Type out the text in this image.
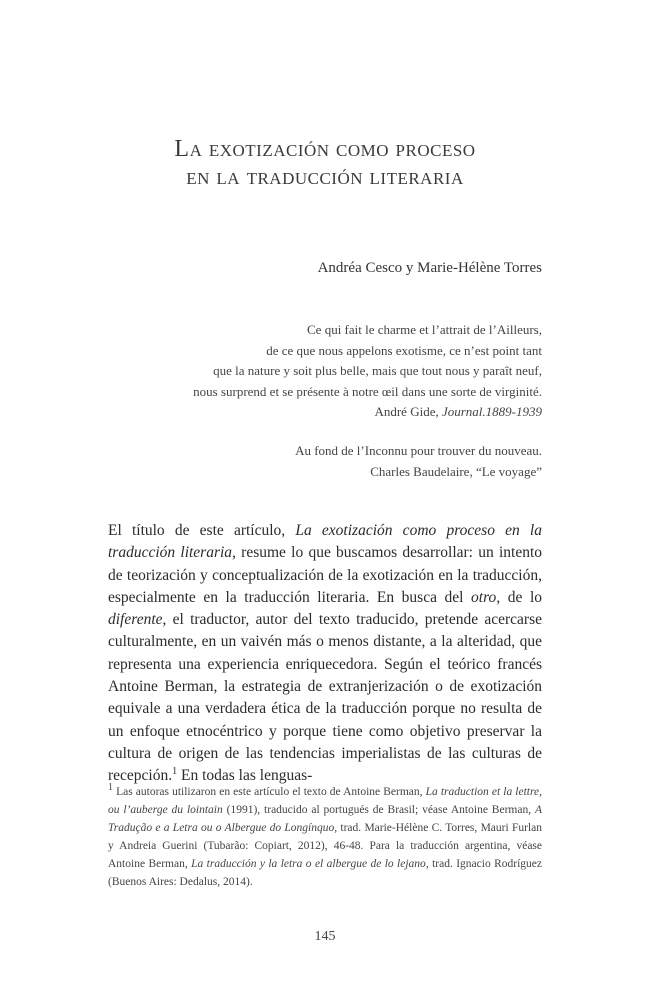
La exotización como proceso
en la traducción literaria
Andréa Cesco y Marie-Hélène Torres
Ce qui fait le charme et l’attrait de l’Ailleurs,
de ce que nous appelons exotisme, ce n’est point tant
que la nature y soit plus belle, mais que tout nous y paraît neuf,
nous surprend et se présente à notre œil dans une sorte de virginité.
André Gide, Journal.1889-1939
Au fond de l’Inconnu pour trouver du nouveau.
Charles Baudelaire, “Le voyage”

El título de este artículo, La exotización como proceso en la traducción literaria, resume lo que buscamos desarrollar: un intento de teorización y conceptualización de la exotización en la traducción, especialmente en la traducción literaria. En busca del otro, de lo diferente, el traductor, autor del texto traducido, pretende acercarse culturalmente, en un vaivén más o menos distante, a la alteridad, que representa una experiencia enriquecedora. Según el teórico francés Antoine Berman, la estrategia de extranjerización o de exotización equivale a una verdadera ética de la traducción porque no resulta de un enfoque etnocéntrico y porque tiene como objetivo preservar la cultura de origen de las tendencias imperialistas de las culturas de recepción.$^1$ En todas las lenguas-

$^1$ Las autoras utilizaron en este artículo el texto de Antoine Berman, La traduction et la lettre, ou l’auberge du lointain (1991), traducido al portugués de Brasil; véase Antoine Berman, A Tradução e a Letra ou o Albergue do Longínquo, trad. Marie-Hélène C. Torres, Mauri Furlan y Andreia Guerini (Tubarão: Copiart, 2012), 46-48. Para la traducción argentina, véase Antoine Berman, La traducción y la letra o el albergue de lo lejano, trad. Ignacio Rodríguez (Buenos Aires: Dedalus, 2014).

145
